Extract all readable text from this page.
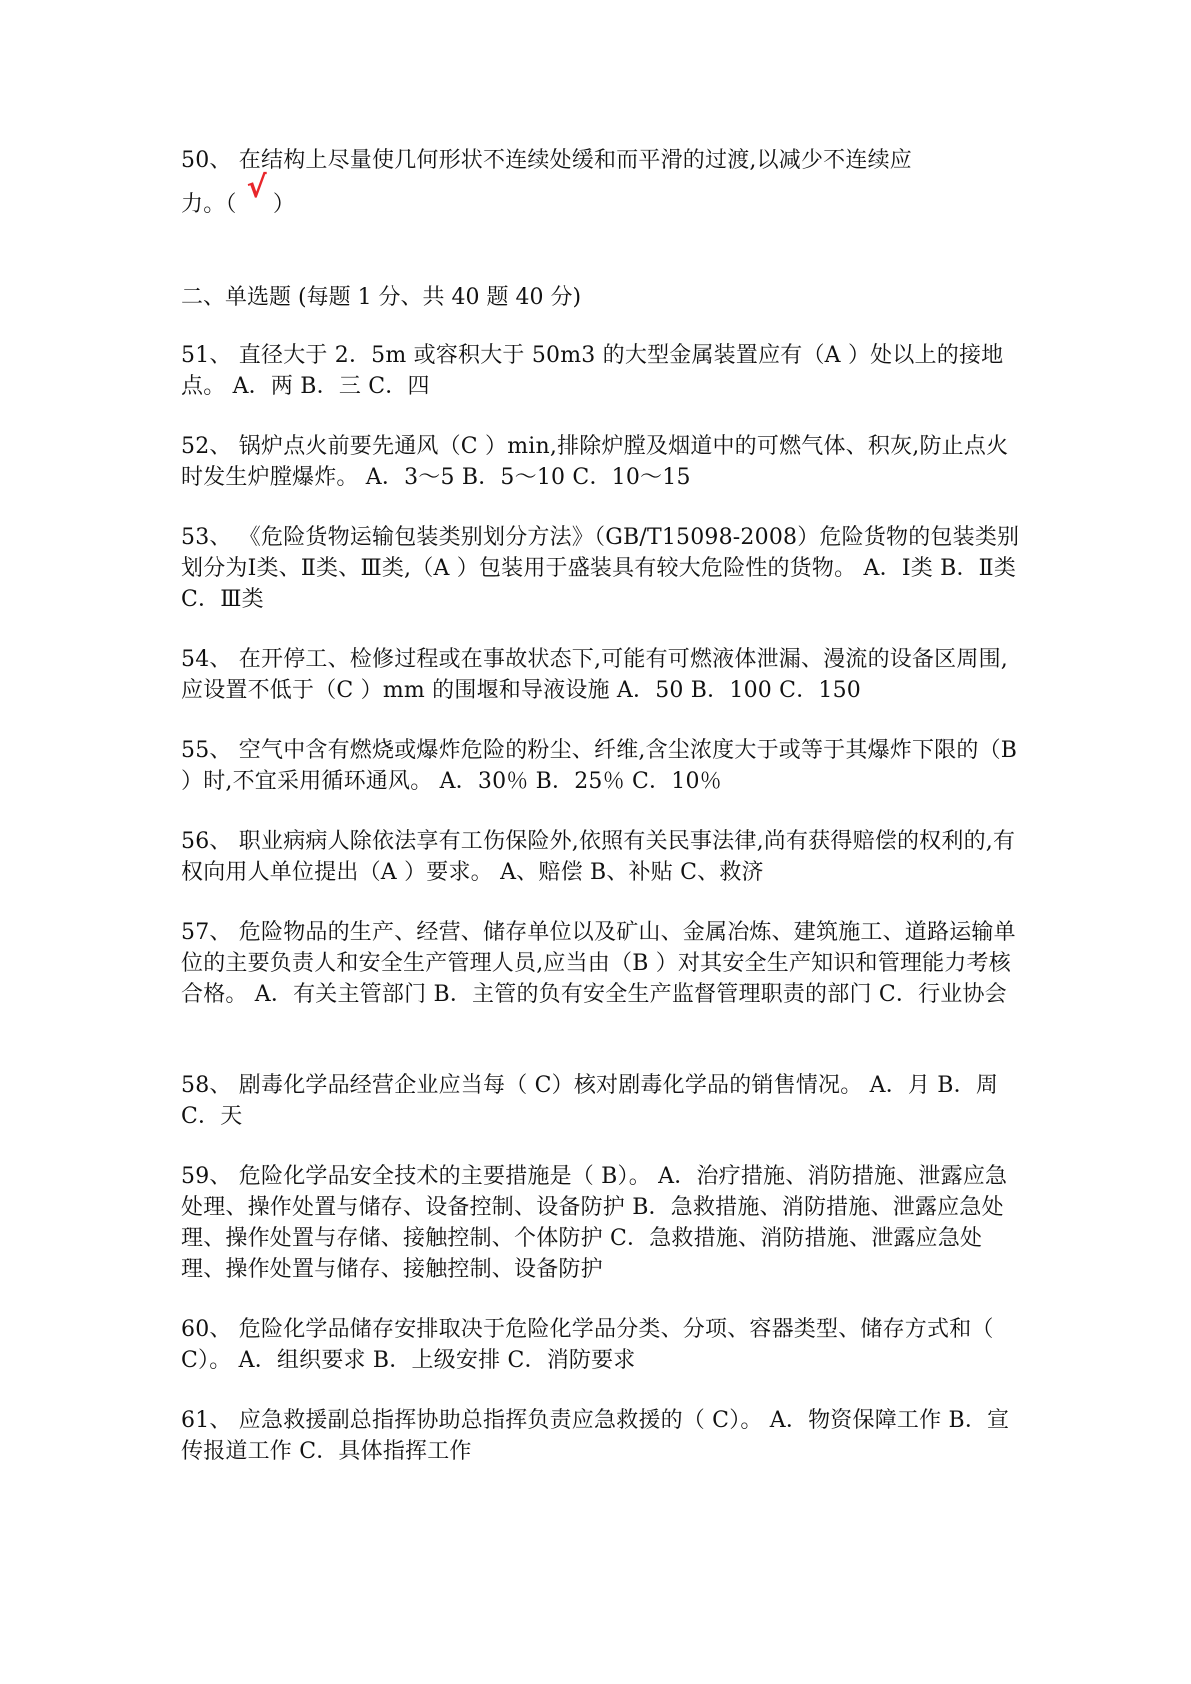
50、 在结构上尽量使几何形状不连续处缓和而平滑的过渡,以减少不连续应
力。（ √ ）
二、单选题 (每题 1 分、共 40 题 40 分)
51、 直径大于 2．5m 或容积大于 50m3 的大型金属装置应有（A ）处以上的接地点。 A．两 B．三 C．四
52、 锅炉点火前要先通风（C ）min,排除炉膛及烟道中的可燃气体、积灰,防止点火时发生炉膛爆炸。 A．3～5 B．5～10 C．10～15
53、 《危险货物运输包装类别划分方法》（GB/T15098-2008）危险货物的包装类别划分为Ⅰ类、Ⅱ类、Ⅲ类,（A ）包装用于盛装具有较大危险性的货物。 A．Ⅰ类 B．Ⅱ类 C．Ⅲ类
54、 在开停工、检修过程或在事故状态下,可能有可燃液体泄漏、漫流的设备区周围,应设置不低于（C ）mm 的围堰和导液设施 A．50 B．100 C．150
55、 空气中含有燃烧或爆炸危险的粉尘、纤维,含尘浓度大于或等于其爆炸下限的（B ）时,不宜采用循环通风。 A．30％ B．25％ C．10％
56、 职业病病人除依法享有工伤保险外,依照有关民事法律,尚有获得赔偿的权利的,有权向用人单位提出（A ）要求。 A、赔偿 B、补贴 C、救济
57、 危险物品的生产、经营、储存单位以及矿山、金属冶炼、建筑施工、道路运输单位的主要负责人和安全生产管理人员,应当由（B ）对其安全生产知识和管理能力考核合格。 A．有关主管部门 B．主管的负有安全生产监督管理职责的部门 C．行业协会
58、 剧毒化学品经营企业应当每（ C）核对剧毒化学品的销售情况。 A．月 B．周 C．天
59、 危险化学品安全技术的主要措施是（ B）。 A．治疗措施、消防措施、泄露应急处理、操作处置与储存、设备控制、设备防护 B．急救措施、消防措施、泄露应急处理、操作处置与存储、接触控制、个体防护 C．急救措施、消防措施、泄露应急处理、操作处置与储存、接触控制、设备防护
60、 危险化学品储存安排取决于危险化学品分类、分项、容器类型、储存方式和（ C）。 A．组织要求 B．上级安排 C．消防要求
61、 应急救援副总指挥协助总指挥负责应急救援的（ C）。 A．物资保障工作 B．宣传报道工作 C．具体指挥工作
